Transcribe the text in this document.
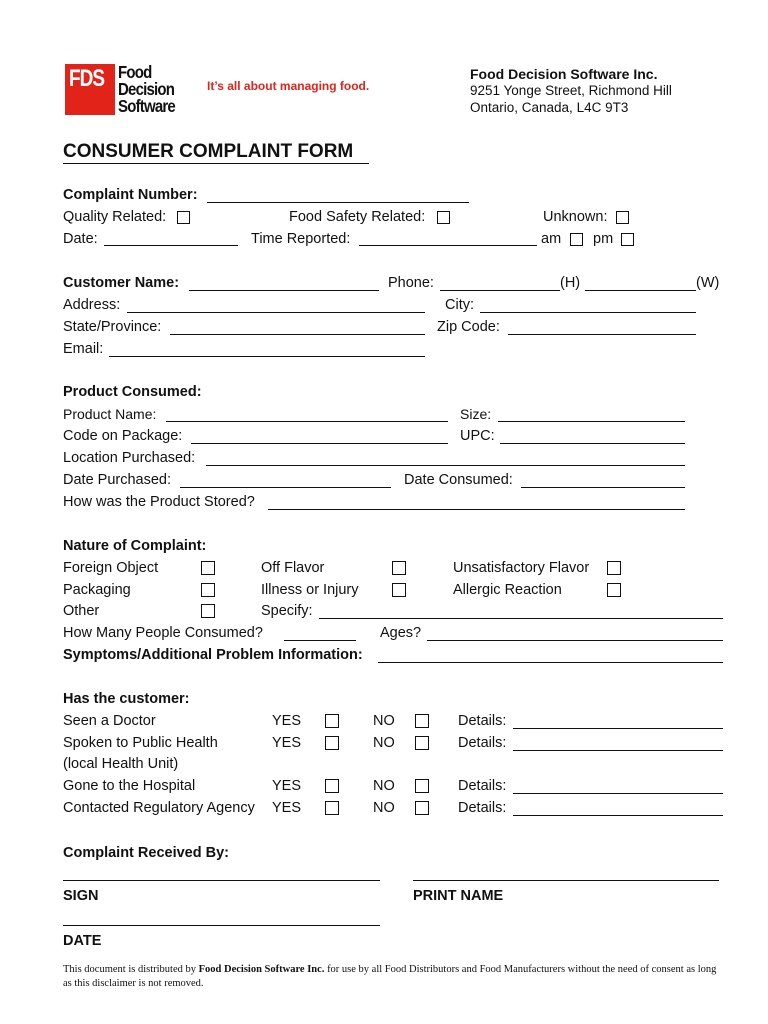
FDS Food
Decision
Software
It’s all about managing food.
Food Decision Software Inc.
9251 Yonge Street, Richmond Hill
Ontario, Canada, L4C 9T3
CONSUMER COMPLAINT FORM
Complaint Number:
Quality Related:	Food Safety Related:	Unknown:
Date:	Time Reported:	am pm
Customer Name:	Phone:	(H)	(W)
Address:	City:
State/Province:	Zip Code:
Email:
Product Consumed:
Product Name:	Size:
Code on Package:	UPC:
Location Purchased:
Date Purchased:	Date Consumed:
How was the Product Stored?
Nature of Complaint:
Foreign Object	Off Flavor	Unsatisfactory Flavor
Packaging	Illness or Injury	Allergic Reaction
Other	Specify:
How Many People Consumed?	Ages?
Symptoms/Additional Problem Information:
Has the customer:
Seen a Doctor	YES	NO	Details:
Spoken to Public Health	YES	NO	Details:
(local Health Unit)
Gone to the Hospital	YES	NO	Details:
Contacted Regulatory Agency YES	NO	Details:
Complaint Received By:
SIGN	PRINT NAME
DATE
This document is distributed by Food Decision Software Inc. for use by all Food Distributors and Food Manufacturers without the need of consent as long as this disclaimer is not removed.
